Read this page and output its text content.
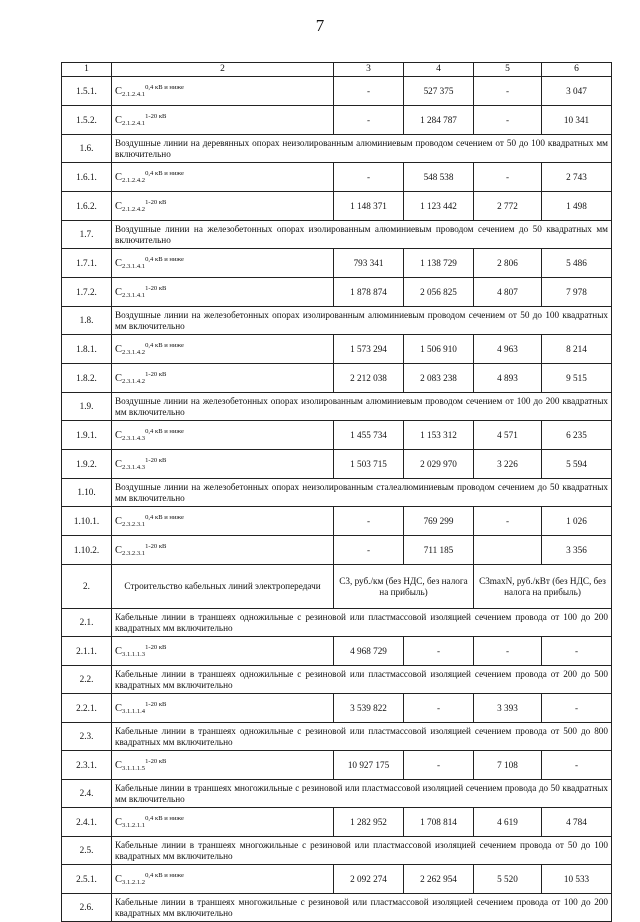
7
1	2	3	4	5	6
1.5.1.	$C2.1.2.4.1^{0,4 кВ и ниже}$	-	527 375	-	3 047
1.5.2.	$C2.1.2.4.1^{1-20 кВ}$	-	1 284 787	-	10 341
1.6.	Воздушные линии на деревянных опорах неизолированным алюминиевым проводом сечением от 50 до 100 квадратных мм включительно				
1.6.1.	$C2.1.2.4.2^{0,4 кВ и ниже}$	-	548 538	-	2 743
1.6.2.	$C2.1.2.4.2^{1-20 кВ}$	1 148 371	1 123 442	2 772	1 498
1.7.	Воздушные линии на железобетонных опорах изолированным алюминиевым проводом сечением до 50 квадратных мм включительно				
1.7.1.	$C2.3.1.4.1^{0,4 кВ и ниже}$	793 341	1 138 729	2 806	5 486
1.7.2.	$C2.3.1.4.1^{1-20 кВ}$	1 878 874	2 056 825	4 807	7 978
1.8.	Воздушные линии на железобетонных опорах изолированным алюминиевым проводом сечением от 50 до 100 квадратных мм включительно				
1.8.1.	$C2.3.1.4.2^{0,4 кВ и ниже}$	1 573 294	1 506 910	4 963	8 214
1.8.2.	$C2.3.1.4.2^{1-20 кВ}$	2 212 038	2 083 238	4 893	9 515
1.9.	Воздушные линии на железобетонных опорах изолированным алюминиевым проводом сечением от 100 до 200 квадратных мм включительно				
1.9.1.	$C2.3.1.4.3^{0,4 кВ и ниже}$	1 455 734	1 153 312	4 571	6 235
1.9.2.	$C2.3.1.4.3^{1-20 кВ}$	1 503 715	2 029 970	3 226	5 594
1.10.	Воздушные линии на железобетонных опорах неизолированным сталеалюминиевым проводом сечением до 50 квадратных мм включительно				
1.10.1.	$C2.3.2.3.1^{0,4 кВ и ниже}$	-	769 299	-	1 026
1.10.2.	$C2.3.2.3.1^{1-20 кВ}$	-	711 185		3 356
2.	Строительство кабельных линий электропередачи	C3, руб./км (без НДС, без налога на прибыль)		C3maxN, руб./кВт (без НДС, без налога на прибыль)	
2.1.	Кабельные линии в траншеях одножильные с резиновой или пластмассовой изоляцией сечением провода от 100 до 200 квадратных мм включительно				
2.1.1.	$C3.1.1.1.3^{1-20 кВ}$	4 968 729	-	-	-
2.2.	Кабельные линии в траншеях одножильные с резиновой или пластмассовой изоляцией сечением провода от 200 до 500 квадратных мм включительно				
2.2.1.	$C3.1.1.1.4^{1-20 кВ}$	3 539 822	-	3 393	-
2.3.	Кабельные линии в траншеях одножильные с резиновой или пластмассовой изоляцией сечением провода от 500 до 800 квадратных мм включительно				
2.3.1.	$C3.1.1.1.5^{1-20 кВ}$	10 927 175	-	7 108	-
2.4.	Кабельные линии в траншеях многожильные с резиновой или пластмассовой изоляцией сечением провода до 50 квадратных мм включительно				
2.4.1.	$C3.1.2.1.1^{0,4 кВ и ниже}$	1 282 952	1 708 814	4 619	4 784
2.5.	Кабельные линии в траншеях многожильные с резиновой или пластмассовой изоляцией сечением провода от 50 до 100 квадратных мм включительно				
2.5.1.	$C3.1.2.1.2^{0,4 кВ и ниже}$	2 092 274	2 262 954	5 520	10 533
2.6.	Кабельные линии в траншеях многожильные с резиновой или пластмассовой изоляцией сечением провода от 100 до 200 квадратных мм включительно				
